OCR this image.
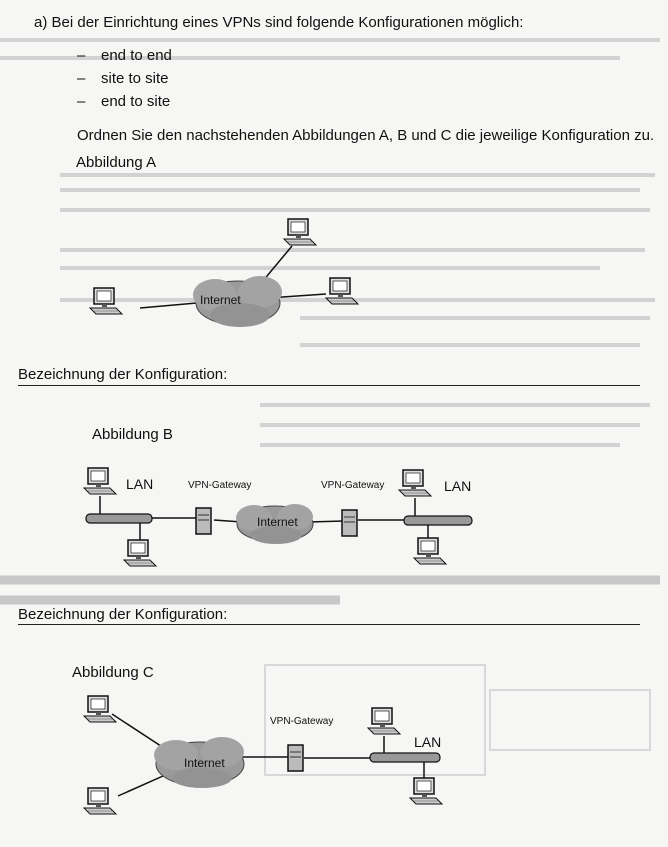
a) Bei der Einrichtung eines VPNs sind folgende Konfigurationen möglich:
– end to end
– site to site
– end to site
Ordnen Sie den nachstehenden Abbildungen A, B und C die jeweilige Konfiguration zu.
Abbildung A
Bezeichnung der Konfiguration:
Abbildung B
Bezeichnung der Konfiguration:
Abbildung C
Internet
LAN	LAN
VPN-Gateway	VPN-Gateway
Internet
LAN
VPN-Gateway
Internet
